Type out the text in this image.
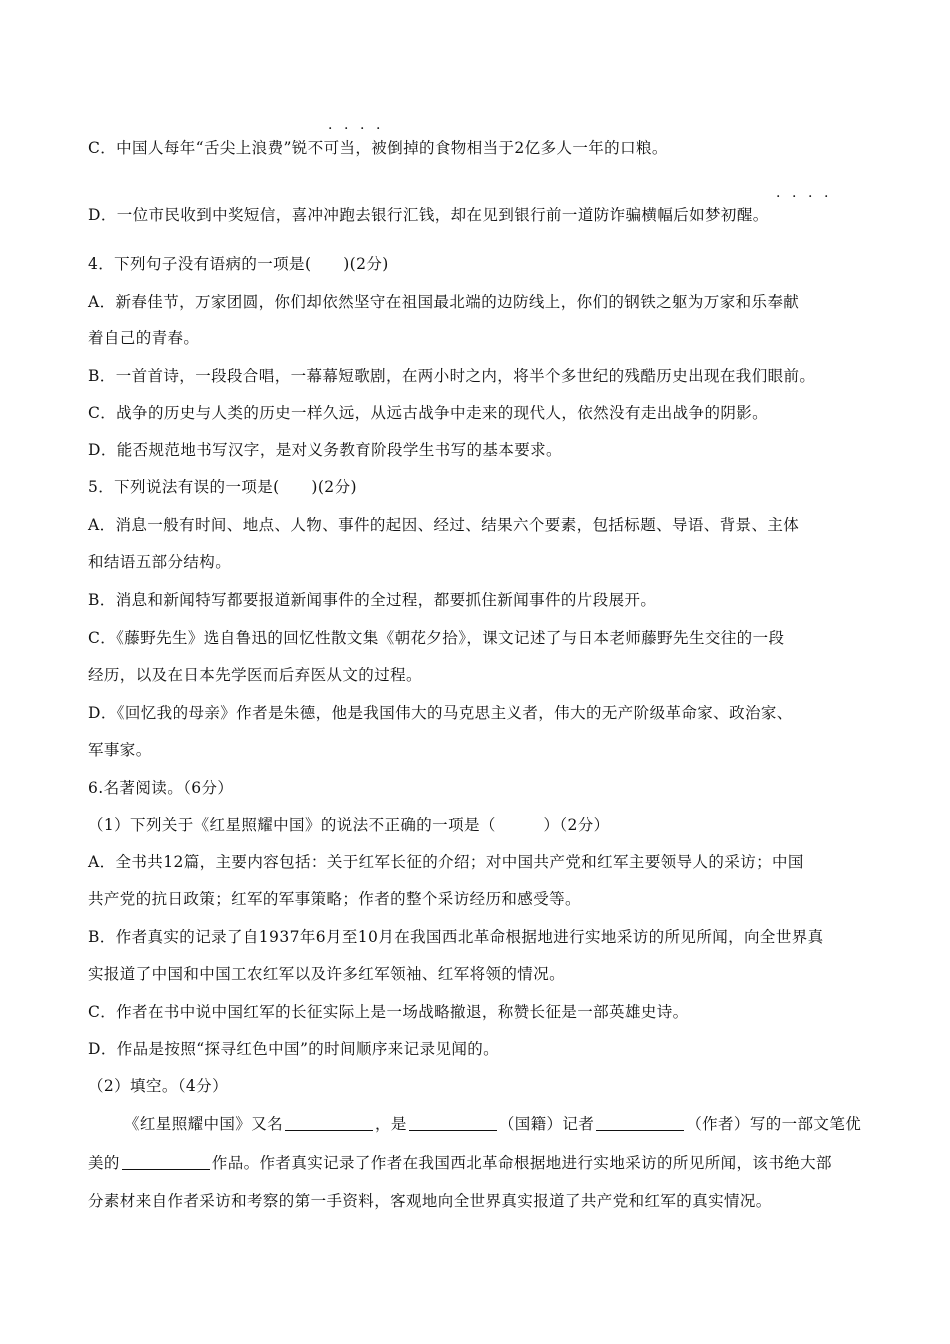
· · · ·
C．中国人每年“舌尖上浪费”锐不可当，被倒掉的食物相当于2亿多人一年的口粮。
· · · ·
D．一位市民收到中奖短信，喜冲冲跑去银行汇钱，却在见到银行前一道防诈骗横幅后如梦初醒。
4．下列句子没有语病的一项是(　　)(2分)
A．新春佳节，万家团圆，你们却依然坚守在祖国最北端的边防线上，你们的钢铁之躯为万家和乐奉献
着自己的青春。
B．一首首诗，一段段合唱，一幕幕短歌剧，在两小时之内，将半个多世纪的残酷历史出现在我们眼前。
C．战争的历史与人类的历史一样久远，从远古战争中走来的现代人，依然没有走出战争的阴影。
D．能否规范地书写汉字，是对义务教育阶段学生书写的基本要求。
5．下列说法有误的一项是(　　)(2分)
A．消息一般有时间、地点、人物、事件的起因、经过、结果六个要素，包括标题、导语、背景、主体
和结语五部分结构。
B．消息和新闻特写都要报道新闻事件的全过程，都要抓住新闻事件的片段展开。
C．《藤野先生》选自鲁迅的回忆性散文集《朝花夕拾》，课文记述了与日本老师藤野先生交往的一段
经历，以及在日本先学医而后弃医从文的过程。
D．《回忆我的母亲》作者是朱德，他是我国伟大的马克思主义者，伟大的无产阶级革命家、政治家、
军事家。
6.名著阅读。（6分）
（1）下列关于《红星照耀中国》的说法不正确的一项是（　　　）（2分）
A．全书共12篇，主要内容包括：关于红军长征的介绍；对中国共产党和红军主要领导人的采访；中国
共产党的抗日政策；红军的军事策略；作者的整个采访经历和感受等。
B．作者真实的记录了自1937年6月至10月在我国西北革命根据地进行实地采访的所见所闻，向全世界真
实报道了中国和中国工农红军以及许多红军领袖、红军将领的情况。
C．作者在书中说中国红军的长征实际上是一场战略撤退，称赞长征是一部英雄史诗。
D．作品是按照“探寻红色中国”的时间顺序来记录见闻的。
（2）填空。（4分）
《红星照耀中国》又名	，是	（国籍）记者	（作者）写的一部文笔优
美的	作品。作者真实记录了作者在我国西北革命根据地进行实地采访的所见所闻，该书绝大部
分素材来自作者采访和考察的第一手资料，客观地向全世界真实报道了共产党和红军的真实情况。
